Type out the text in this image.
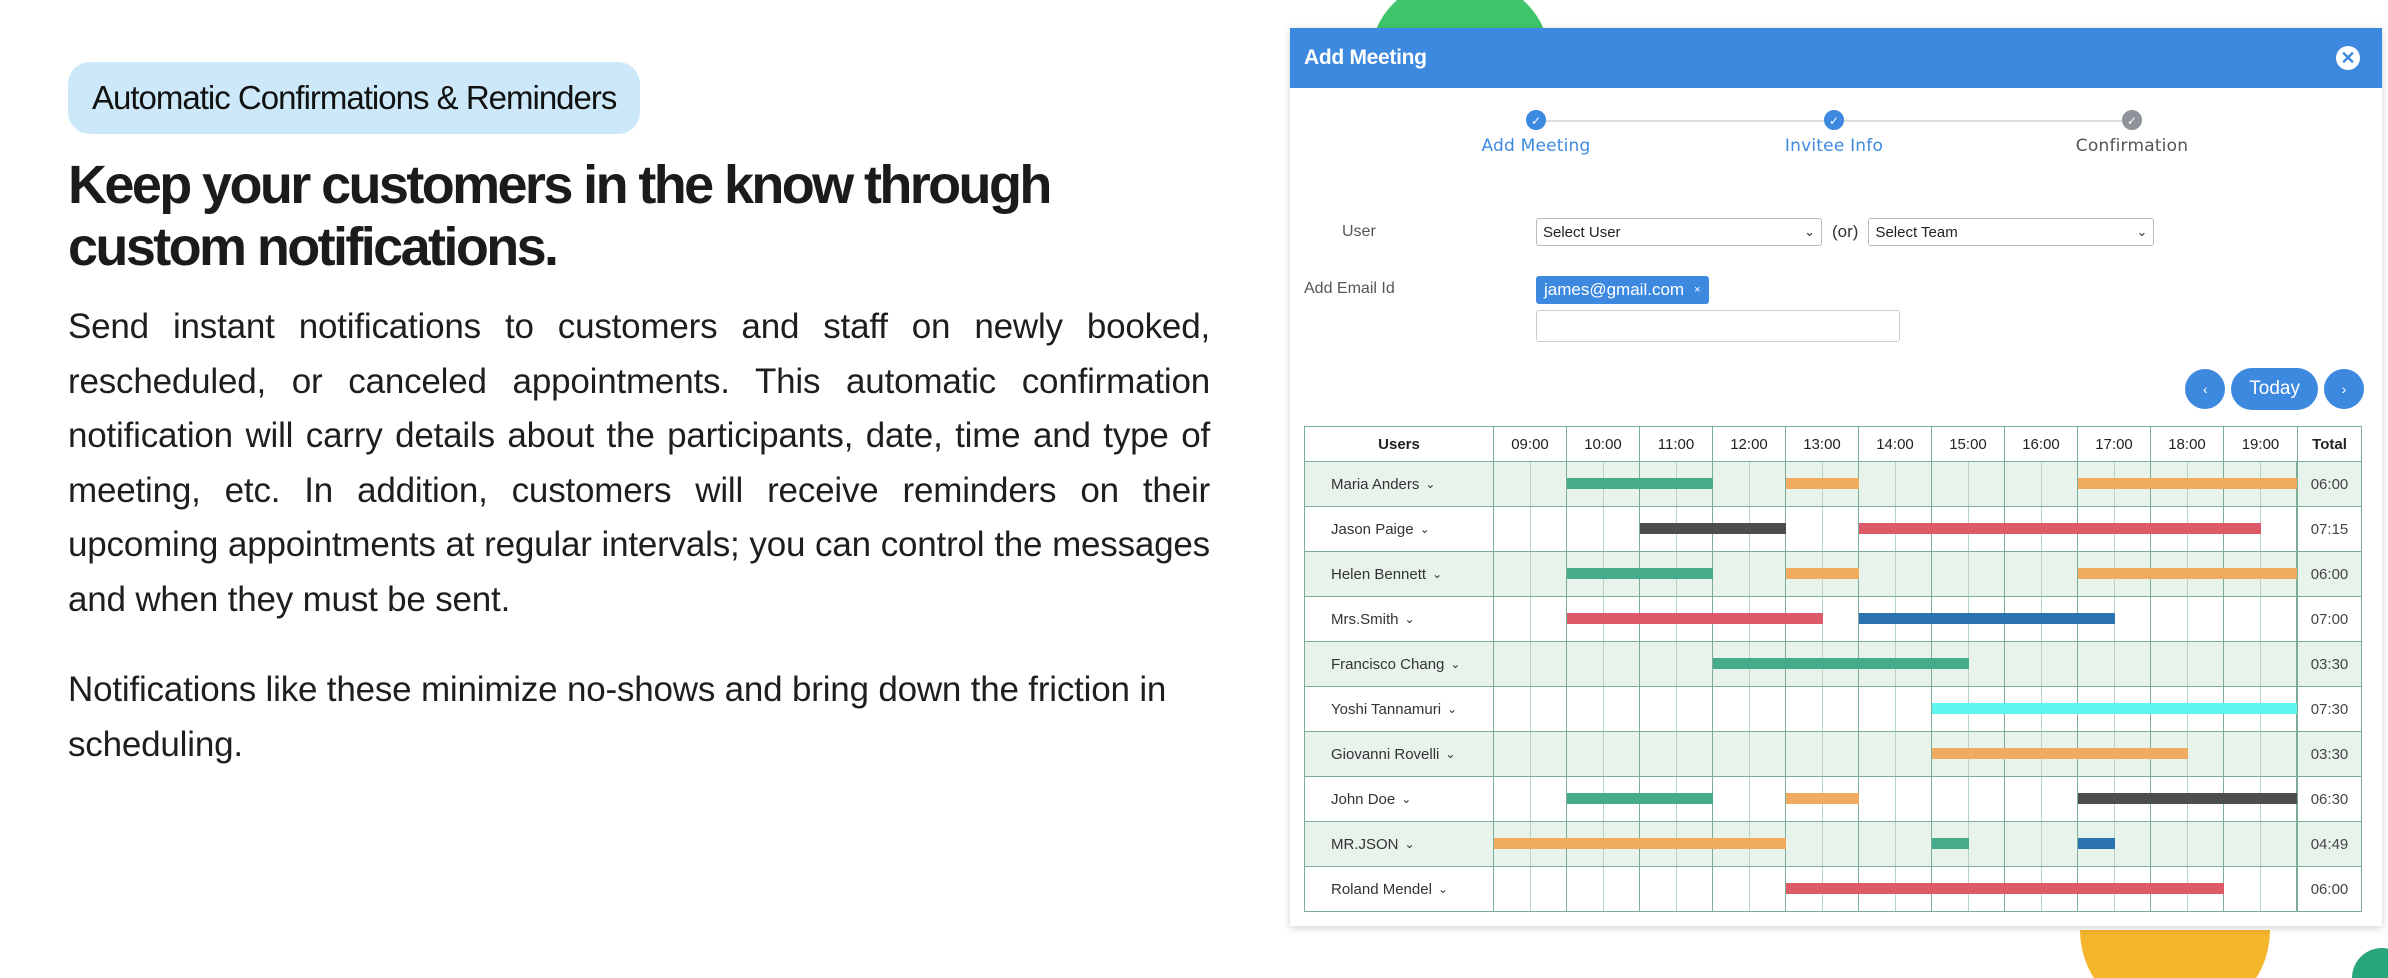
Automatic Confirmations & Reminders
Keep your customers in the know through
custom notifications.

Send instant notifications to customers and staff on newly booked, rescheduled, or canceled appointments. This automatic confirmation notification will carry details about the participants, date, time and type of meeting, etc. In addition, customers will receive reminders on their upcoming appointments at regular intervals; you can control the messages and when they must be sent.

Notifications like these minimize no-shows and bring down the friction in scheduling.

Add Meeting	✕
✓
Add Meeting
✓
Invitee Info
✓
Confirmation
User	Select User	⌄ (or) Select Team	⌄
Add Email Id	james@gmail.com ×
‹	Today	›
Users	09:00	10:00	11:00	12:00	13:00	14:00	15:00	16:00	17:00	18:00	19:00	Total
Maria Anders ⌄	06:00
Jason Paige ⌄	07:15
Helen Bennett ⌄	06:00
Mrs.Smith ⌄	07:00
Francisco Chang ⌄	03:30
Yoshi Tannamuri ⌄	07:30
Giovanni Rovelli ⌄	03:30
John Doe ⌄	06:30
MR.JSON ⌄	04:49
Roland Mendel ⌄	06:00
